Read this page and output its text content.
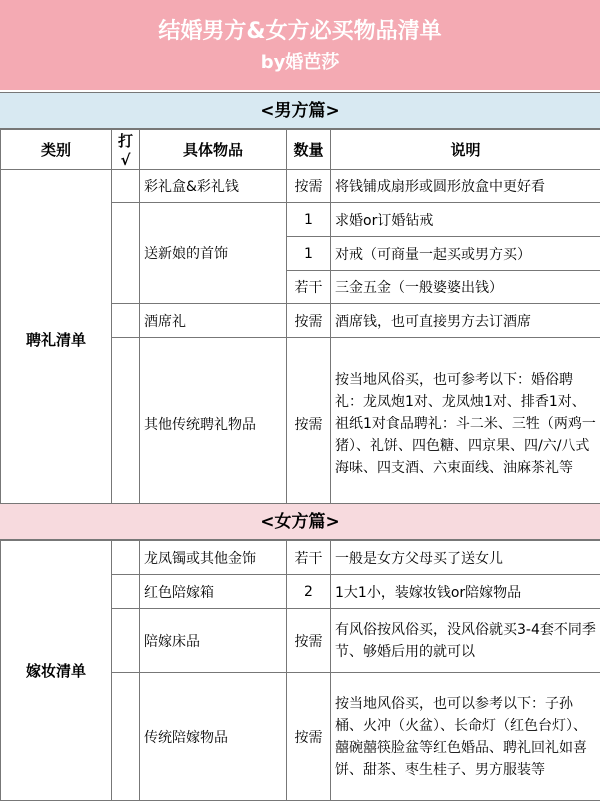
结婚男方&女方必买物品清单
by婚芭莎
<男方篇>
类别	打√	具体物品	数量	说明
聘礼清单		彩礼盒&彩礼钱	按需	将钱铺成扇形或圆形放盒中更好看
		送新娘的首饰	1	求婚or订婚钻戒
			1	对戒（可商量一起买或男方买）
			若干	三金五金（一般婆婆出钱）
		酒席礼	按需	酒席钱，也可直接男方去订酒席
		其他传统聘礼物品	按需	按当地风俗买，也可参考以下：婚俗聘礼：龙凤炮1对、龙凤烛1对、排香1对、祖纸1对食品聘礼：斗二米、三牲（两鸡一猪）、礼饼、四色糖、四京果、四/六/八式海味、四支酒、六束面线、油麻茶礼等
<女方篇>
嫁妆清单		龙凤镯或其他金饰	若干	一般是女方父母买了送女儿
		红色陪嫁箱	2	1大1小，装嫁妆钱or陪嫁物品
		陪嫁床品	按需	有风俗按风俗买，没风俗就买3-4套不同季节、够婚后用的就可以
		传统陪嫁物品	按需	按当地风俗买，也可以参考以下：子孙桶、火冲（火盆）、长命灯（红色台灯）、囍碗囍筷脸盆等红色婚品、聘礼回礼如喜饼、甜茶、枣生桂子、男方服装等
